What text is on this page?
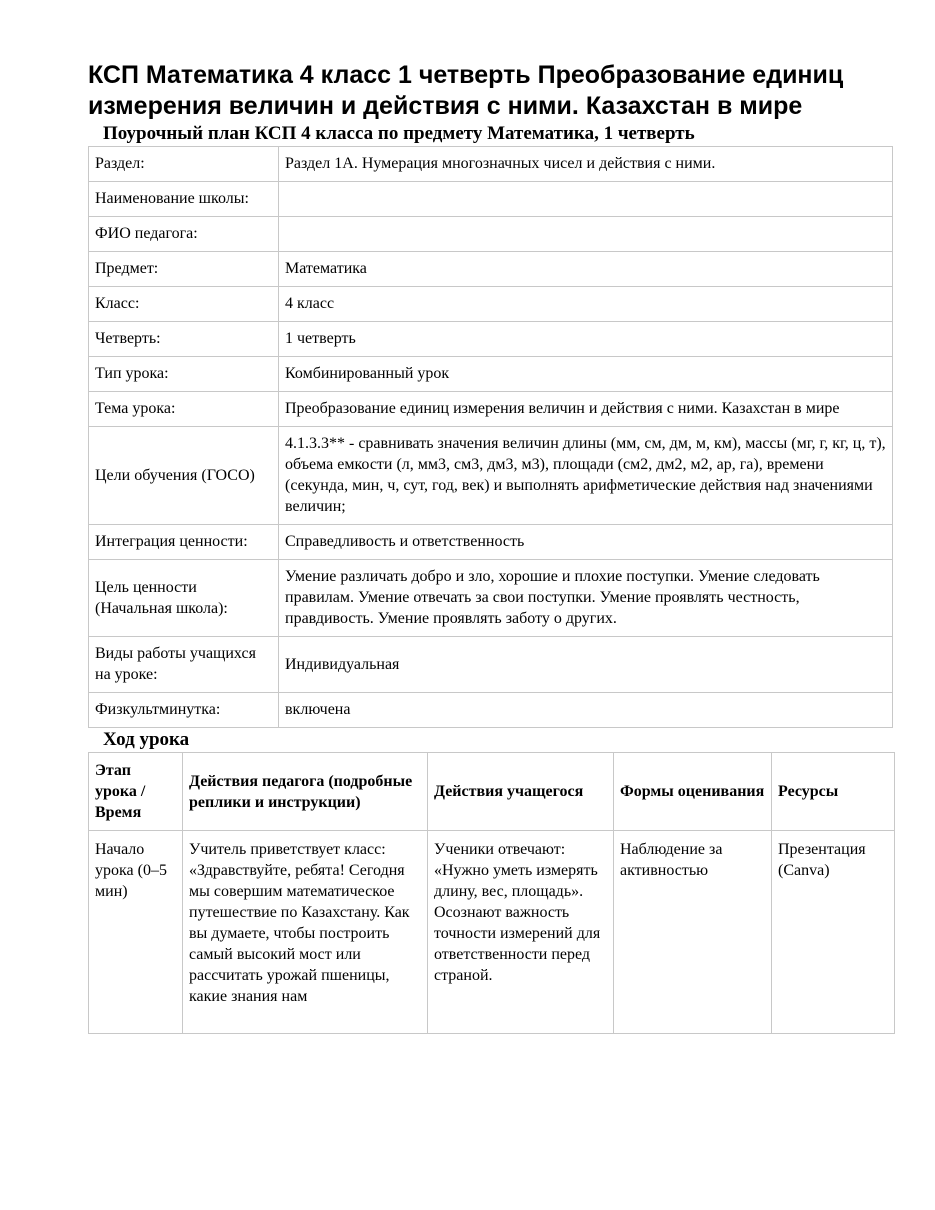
КСП Математика 4 класс 1 четверть Преобразование единиц измерения величин и действия с ними. Казахстан в мире
Поурочный план КСП 4 класса по предмету Математика, 1 четверть
Раздел:	Раздел 1А. Нумерация многозначных чисел и действия с ними.
Наименование школы:	
ФИО педагога:	
Предмет:	Математика
Класс:	4 класс
Четверть:	1 четверть
Тип урока:	Комбинированный урок
Тема урока:	Преобразование единиц измерения величин и действия с ними. Казахстан в мире
Цели обучения (ГОСО)	4.1.3.3** - сравнивать значения величин длины (мм, см, дм, м, км), массы (мг, г, кг, ц, т), объема емкости (л, мм3, см3, дм3, м3), площади (см2, дм2, м2, ар, га), времени (секунда, мин, ч, сут, год, век) и выполнять арифметические действия над значениями величин;
Интеграция ценности:	Справедливость и ответственность
Цель ценности (Начальная школа):	Умение различать добро и зло, хорошие и плохие поступки. Умение следовать правилам. Умение отвечать за свои поступки. Умение проявлять честность, правдивость. Умение проявлять заботу о других.
Виды работы учащихся на уроке:	Индивидуальная
Физкультминутка:	включена
Ход урока
Этап урока / Время	Действия педагога (подробные реплики и инструкции)	Действия учащегося	Формы оценивания	Ресурсы

Начало урока (0–5 мин)	Учитель приветствует класс: «Здравствуйте, ребята! Сегодня мы совершим математическое путешествие по Казахстану. Как вы думаете, чтобы построить самый высокий мост или рассчитать урожай пшеницы, какие знания нам	Ученики отвечают: «Нужно уметь измерять длину, вес, площадь». Осознают важность точности измерений для ответственности перед страной.	Наблюдение за активностью	Презентация (Canva)
